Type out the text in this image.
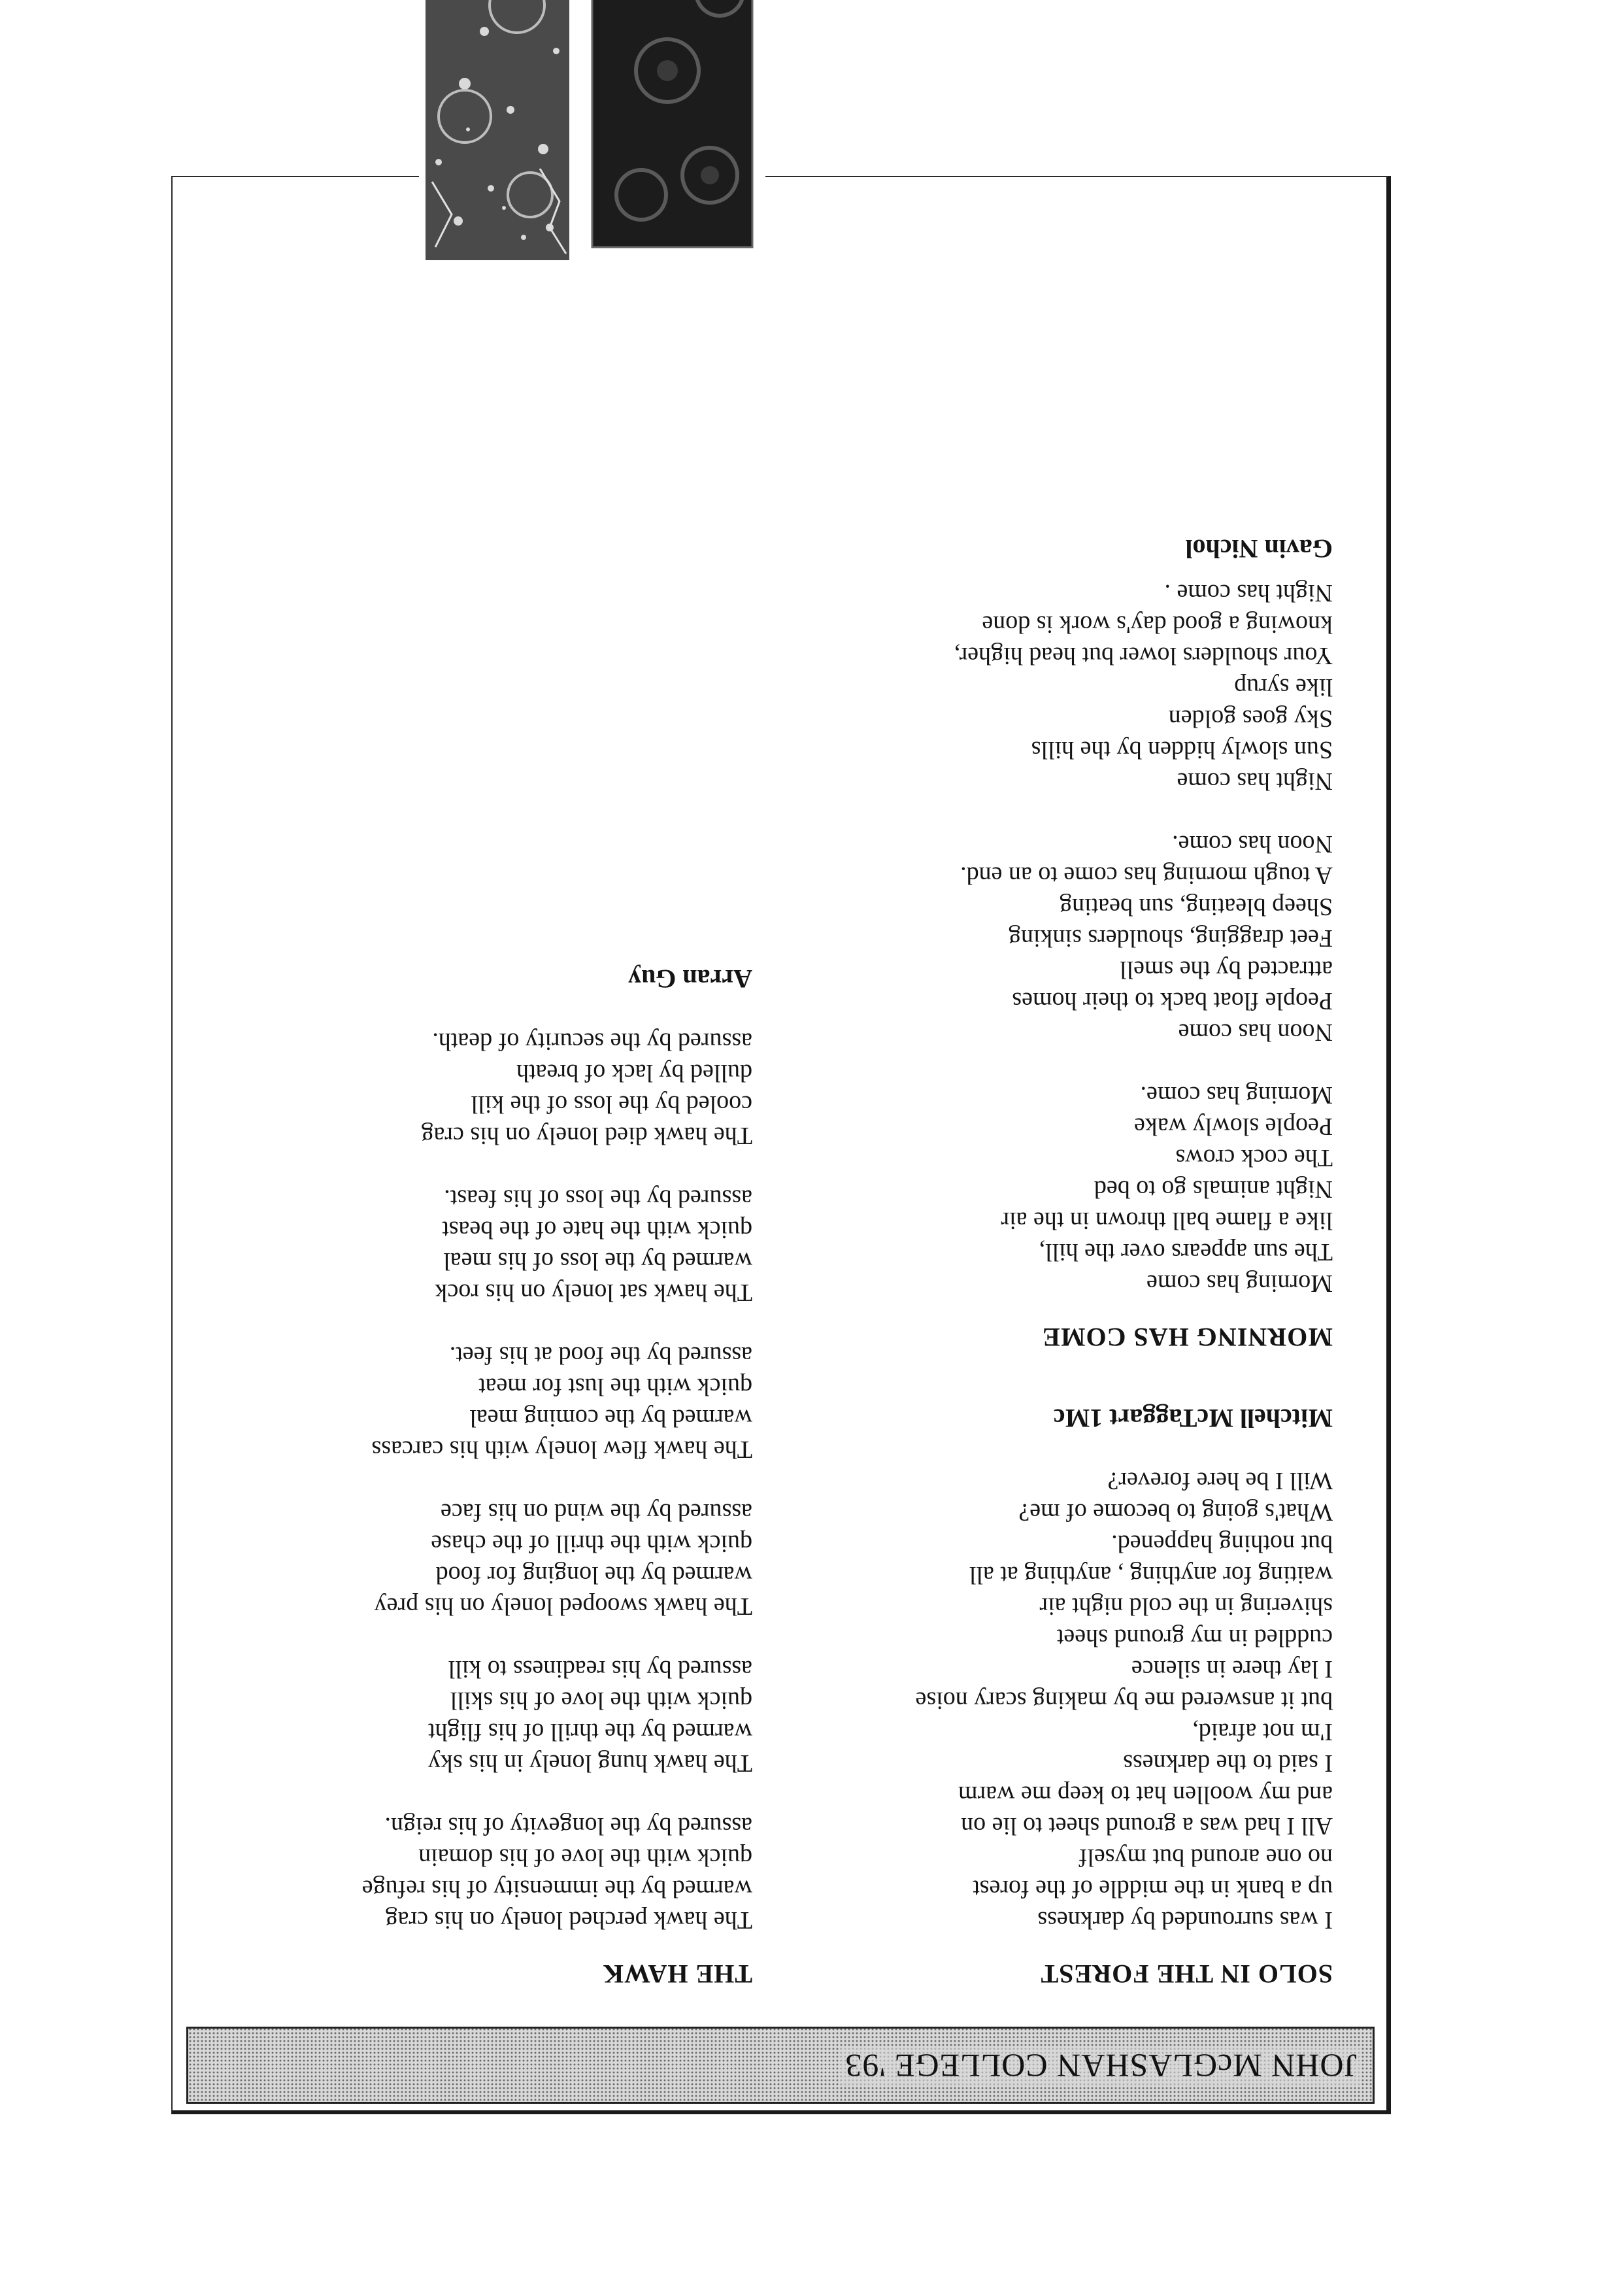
JOHN McGLASHAN COLLEGE '93
SOLO IN THE FOREST
I was surrounded by darkness
up a bank in the middle of the forest
no one around but myself
All I had was a ground sheet to lie on
and my woollen hat to keep me warm
I said to the darkness
I'm not afraid,
but it answered me by making scary noise
I lay there in silence
cuddled in my ground sheet
shivering in the cold night air
waiting for anything , anything at all
but nothing happened.
What's going to become of me?
Will I be here forever?
Mitchell McTaggart 1Mc
MORNING HAS COME
Morning has come
The sun appears over the hill,
like a flame ball thrown in the air
Night animals go to bed
The cock crows
People slowly wake
Morning has come.
Noon has come
People float back to their homes
attracted by the smell
Feet dragging, shoulders sinking
Sheep bleating, sun beating
A tough morning has come to an end.
Noon has come.
Night has come
Sun slowly hidden by the hills
Sky goes golden
like syrup
Your shoulders lower but head higher,
knowing a good day's work is done
Night has come .
Gavin Nichol
THE HAWK
The hawk perched lonely on his crag
warmed by the immensity of his refuge
quick with the love of his domain
assured by the longevity of his reign.
The hawk hung lonely in his sky
warmed by the thrill of his flight
quick with the love of his skill
assured by his readiness to kill
The hawk swooped lonely on his prey
warmed by the longing for food
quick with the thrill of the chase
assured by the wind on his face
The hawk flew lonely with his carcass
warmed by the coming meal
quick with the lust for meat
assured by the food at his feet.
The hawk sat lonely on his rock
warmed by the loss of his meal
quick with the hate of the beast
assured by the loss of his feast.
The hawk died lonely on his crag
cooled by the loss of the kill
dulled by lack of breath
assured by the security of death.
Arran Guy
